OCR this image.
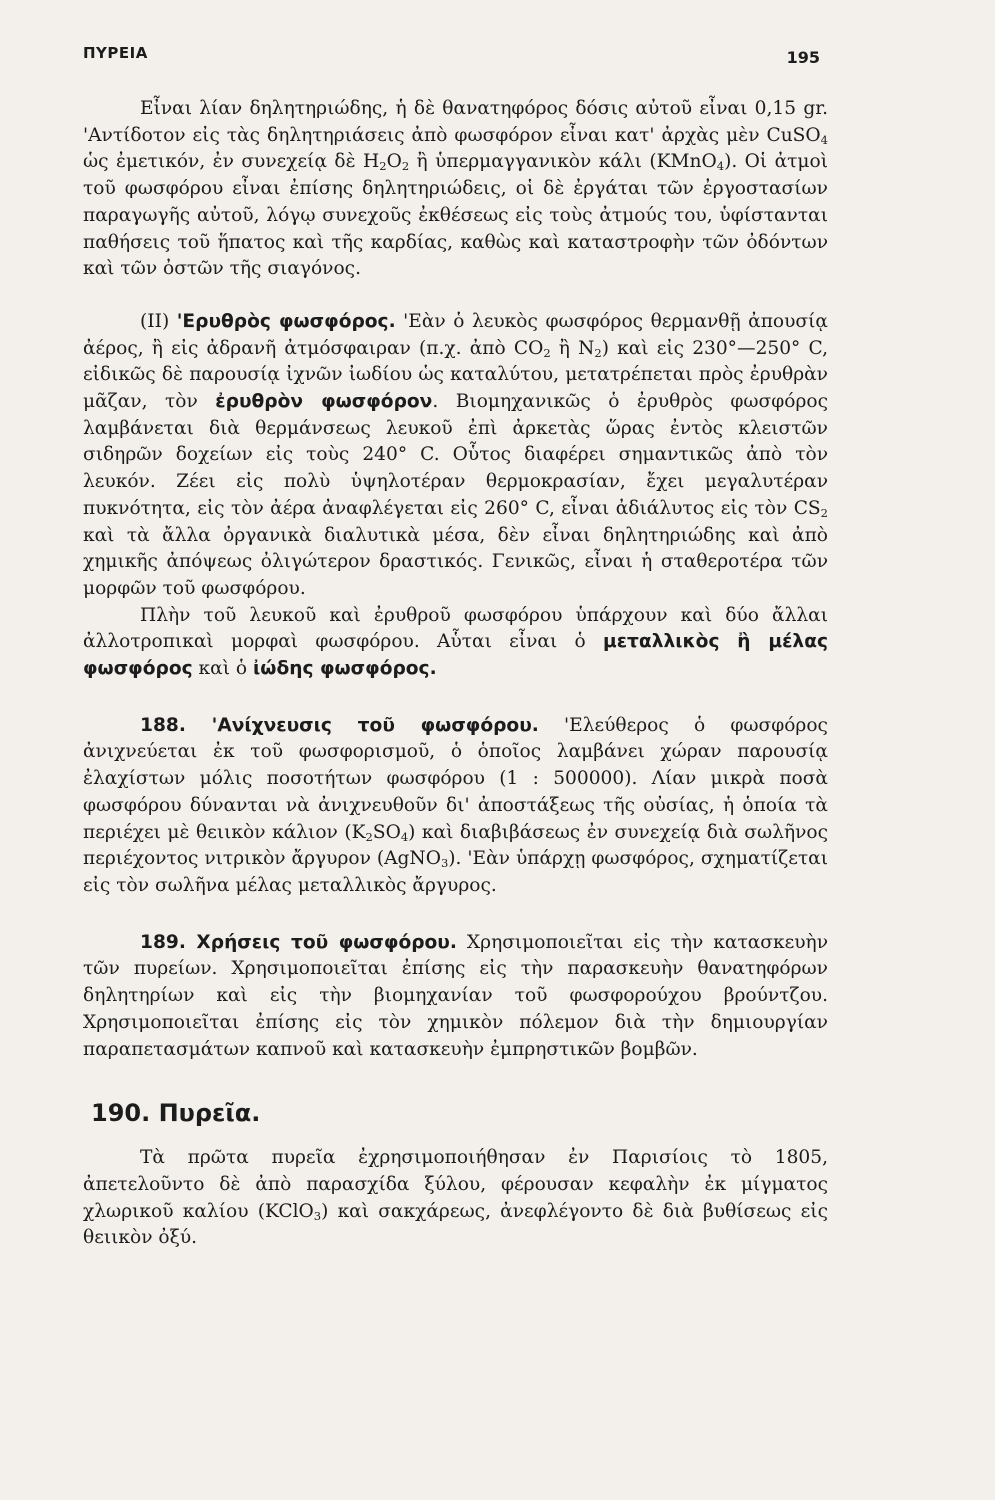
ΠΥΡΕΙΑ	195

Εἶναι λίαν δηλητηριώδης, ἡ δὲ θανατηφόρος δόσις αὐτοῦ εἶναι 0,15 gr. 'Αντίδοτον εἰς τὰς δηλητηριάσεις ἀπὸ φωσφόρον εἶναι κατ' ἀρχὰς μὲν CuSO$_4$ ὡς ἐμετικόν, ἐν συνεχείᾳ δὲ $H_2O_2$ ἢ ὑπερμαγγανικὸν κάλι (KMnO$_4$). Οἱ ἀτμοὶ τοῦ φωσφόρου εἶναι ἐπίσης δηλητηριώδεις, οἱ δὲ ἐργάται τῶν ἐργοστασίων παραγωγῆς αὐτοῦ, λόγῳ συνεχοῦς ἐκθέσεως εἰς τοὺς ἀτμούς του, ὑφίστανται παθήσεις τοῦ ἥπατος καὶ τῆς καρδίας, καθὼς καὶ καταστροφὴν τῶν ὀδόντων καὶ τῶν ὀστῶν τῆς σιαγόνος.

(ΙΙ) 'Ερυθρὸς φωσφόρος. 'Εὰν ὁ λευκὸς φωσφόρος θερμανθῇ ἀπουσίᾳ ἀέρος, ἢ εἰς ἀδρανῆ ἀτμόσφαιραν (π.χ. ἀπὸ $CO_2$ ἢ $N_2$) καὶ εἰς 230°—250° C, εἰδικῶς δὲ παρουσίᾳ ἰχνῶν ἰωδίου ὡς καταλύτου, μετατρέπεται πρὸς ἐρυθρὰν μᾶζαν, τὸν ἐρυθρὸν φωσφόρον. Βιομηχανικῶς ὁ ἐρυθρὸς φωσφόρος λαμβάνεται διὰ θερμάνσεως λευκοῦ ἐπὶ ἀρκετὰς ὥρας ἐντὸς κλειστῶν σιδηρῶν δοχείων εἰς τοὺς 240° C. Οὗτος διαφέρει σημαντικῶς ἀπὸ τὸν λευκόν. Ζέει εἰς πολὺ ὑψηλοτέραν θερμοκρασίαν, ἔχει μεγαλυτέραν πυκνότητα, εἰς τὸν ἀέρα ἀναφλέγεται εἰς 260° C, εἶναι ἀδιάλυτος εἰς τὸν $CS_2$ καὶ τὰ ἄλλα ὀργανικὰ διαλυτικὰ μέσα, δὲν εἶναι δηλητηριώδης καὶ ἀπὸ χημικῆς ἀπόψεως ὀλιγώτερον δραστικός. Γενικῶς, εἶναι ἡ σταθεροτέρα τῶν μορφῶν τοῦ φωσφόρου.

Πλὴν τοῦ λευκοῦ καὶ ἐρυθροῦ φωσφόρου ὑπάρχουν καὶ δύο ἄλλαι ἀλλοτροπικαὶ μορφαὶ φωσφόρου. Αὗται εἶναι ὁ μεταλλικὸς ἢ μέλας φωσφόρος καὶ ὁ ἰώδης φωσφόρος.

188. 'Ανίχνευσις τοῦ φωσφόρου. 'Ελεύθερος ὁ φωσφόρος ἀνιχνεύεται ἐκ τοῦ φωσφορισμοῦ, ὁ ὁποῖος λαμβάνει χώραν παρουσίᾳ ἐλαχίστων μόλις ποσοτήτων φωσφόρου (1 : 500000). Λίαν μικρὰ ποσὰ φωσφόρου δύνανται νὰ ἀνιχνευθοῦν δι' ἀποστάξεως τῆς οὐσίας, ἡ ὁποία τὰ περιέχει μὲ θειικὸν κάλιον $(K_2SO_4)$ καὶ διαβιβάσεως ἐν συνεχείᾳ διὰ σωλῆνος περιέχοντος νιτρικὸν ἄργυρον (AgNO$_3$). 'Εὰν ὑπάρχῃ φωσφόρος, σχηματίζεται εἰς τὸν σωλῆνα μέλας μεταλλικὸς ἄργυρος.

189. Χρήσεις τοῦ φωσφόρου. Χρησιμοποιεῖται εἰς τὴν κατασκευὴν τῶν πυρείων. Χρησιμοποιεῖται ἐπίσης εἰς τὴν παρασκευὴν θανατηφόρων δηλητηρίων καὶ εἰς τὴν βιομηχανίαν τοῦ φωσφορούχου βρούντζου. Χρησιμοποιεῖται ἐπίσης εἰς τὸν χημικὸν πόλεμον διὰ τὴν δημιουργίαν παραπετασμάτων καπνοῦ καὶ κατασκευὴν ἐμπρηστικῶν βομβῶν.

190. Πυρεῖα.

Τὰ πρῶτα πυρεῖα ἐχρησιμοποιήθησαν ἐν Παρισίοις τὸ 1805, ἀπετελοῦντο δὲ ἀπὸ παρασχίδα ξύλου, φέρουσαν κεφαλὴν ἐκ μίγματος χλωρικοῦ καλίου (KClO$_3$) καὶ σακχάρεως, ἀνεφλέγοντο δὲ διὰ βυθίσεως εἰς θειικὸν ὀξύ.
